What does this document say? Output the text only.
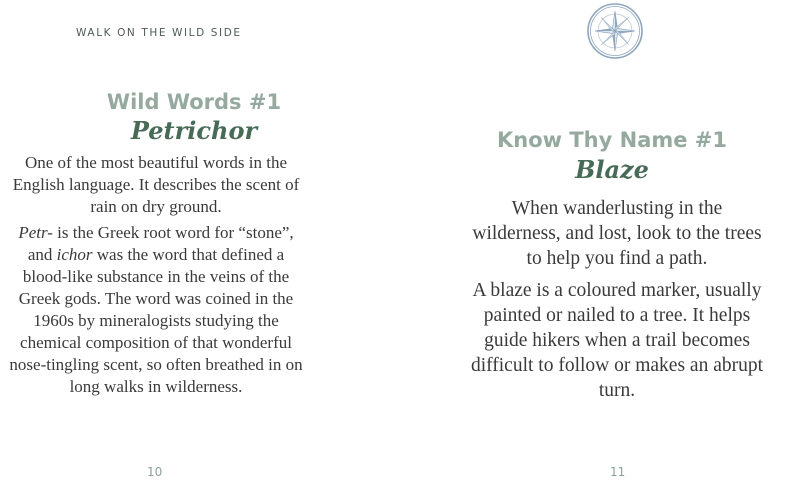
WALK ON THE WILD SIDE
Wild Words #1
Petrichor

One of the most beautiful words in the English language. It describes the scent of rain on dry ground.

Petr- is the Greek root word for “stone”, and ichor was the word that defined a blood-like substance in the veins of the Greek gods. The word was coined in the 1960s by mineralogists studying the chemical composition of that wonderful nose-tingling scent, so often breathed in on long walks in wilderness.

10
Know Thy Name #1
Blaze

When wanderlusting in the wilderness, and lost, look to the trees to help you find a path.

A blaze is a coloured marker, usually painted or nailed to a tree. It helps guide hikers when a trail becomes difficult to follow or makes an abrupt turn.

11
